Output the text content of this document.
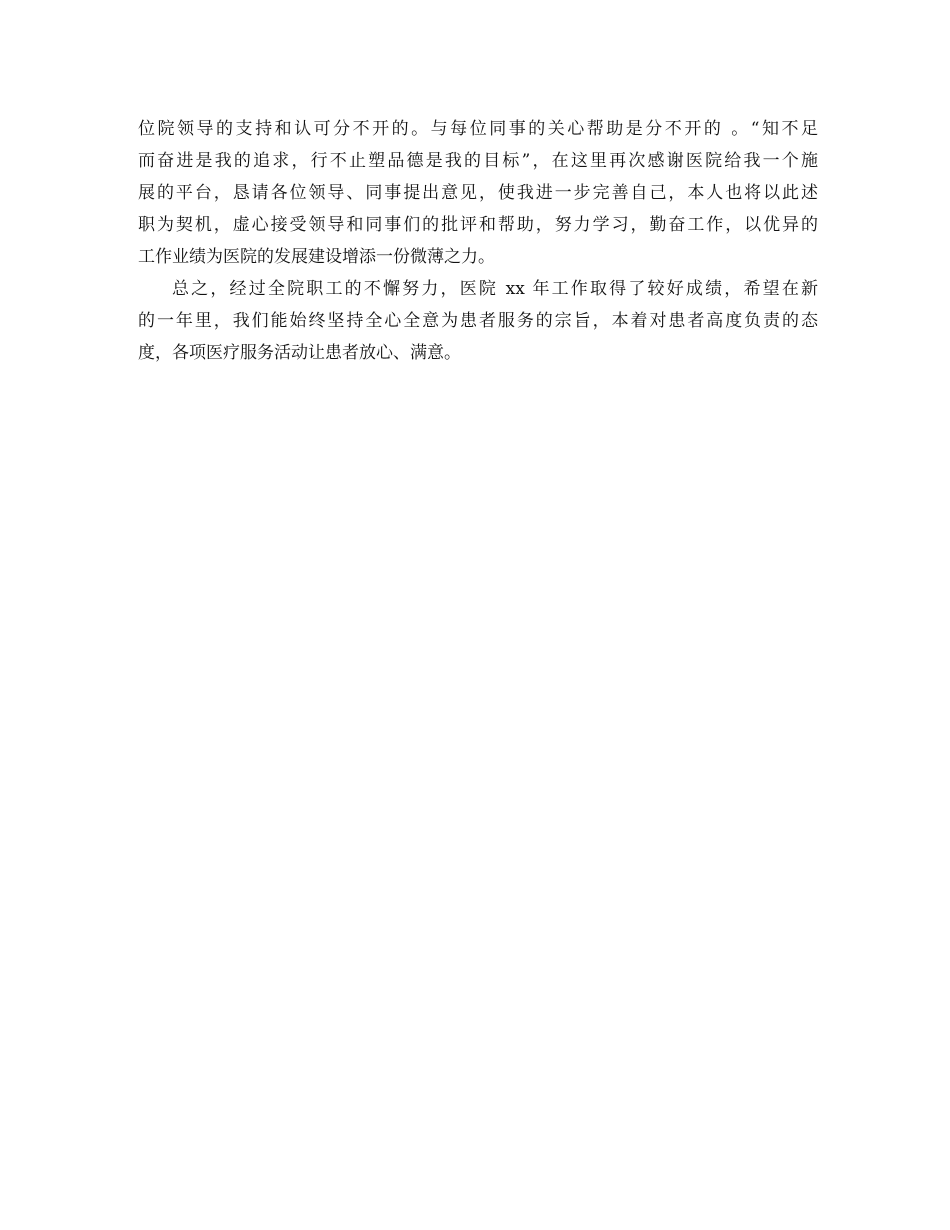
位院领导的支持和认可分不开的。与每位同事的关心帮助是分不开的 。“知不足
而奋进是我的追求，行不止塑品德是我的目标”，在这里再次感谢医院给我一个施
展的平台，恳请各位领导、同事提出意见，使我进一步完善自己，本人也将以此述
职为契机，虚心接受领导和同事们的批评和帮助，努力学习，勤奋工作，以优异的
工作业绩为医院的发展建设增添一份微薄之力。
总之，经过全院职工的不懈努力，医院 xx 年工作取得了较好成绩，希望在新
的一年里，我们能始终坚持全心全意为患者服务的宗旨，本着对患者高度负责的态
度，各项医疗服务活动让患者放心、满意。
